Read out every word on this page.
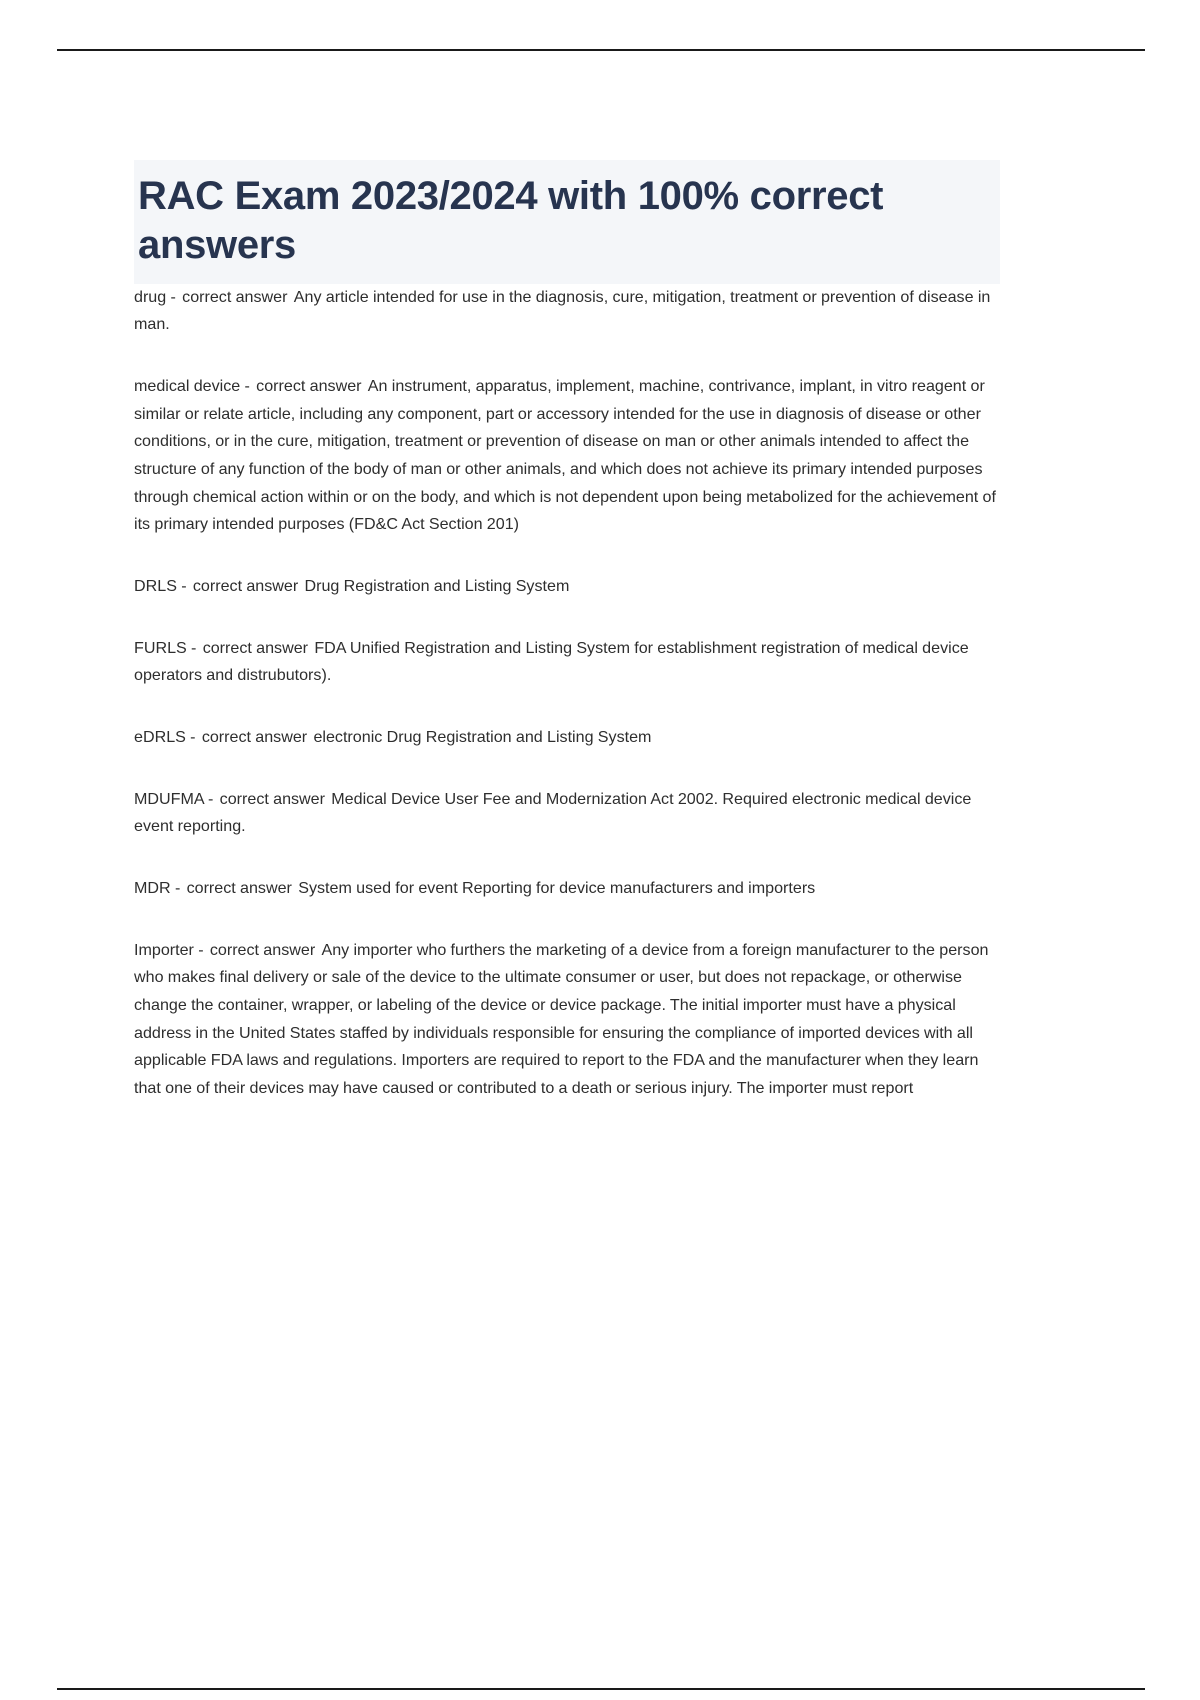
RAC Exam 2023/2024 with 100% correct answers
drug - correct answer Any article intended for use in the diagnosis, cure, mitigation, treatment or prevention of disease in man.
medical device - correct answer An instrument, apparatus, implement, machine, contrivance, implant, in vitro reagent or similar or relate article, including any component, part or accessory intended for the use in diagnosis of disease or other conditions, or in the cure, mitigation, treatment or prevention of disease on man or other animals intended to affect the structure of any function of the body of man or other animals, and which does not achieve its primary intended purposes through chemical action within or on the body, and which is not dependent upon being metabolized for the achievement of its primary intended purposes (FD&C Act Section 201)
DRLS - correct answer Drug Registration and Listing System
FURLS - correct answer FDA Unified Registration and Listing System for establishment registration of medical device operators and distrubutors).
eDRLS - correct answer electronic Drug Registration and Listing System
MDUFMA - correct answer Medical Device User Fee and Modernization Act 2002. Required electronic medical device event reporting.
MDR - correct answer System used for event Reporting for device manufacturers and importers
Importer - correct answer Any importer who furthers the marketing of a device from a foreign manufacturer to the person who makes final delivery or sale of the device to the ultimate consumer or user, but does not repackage, or otherwise change the container, wrapper, or labeling of the device or device package. The initial importer must have a physical address in the United States staffed by individuals responsible for ensuring the compliance of imported devices with all applicable FDA laws and regulations. Importers are required to report to the FDA and the manufacturer when they learn that one of their devices may have caused or contributed to a death or serious injury. The importer must report
